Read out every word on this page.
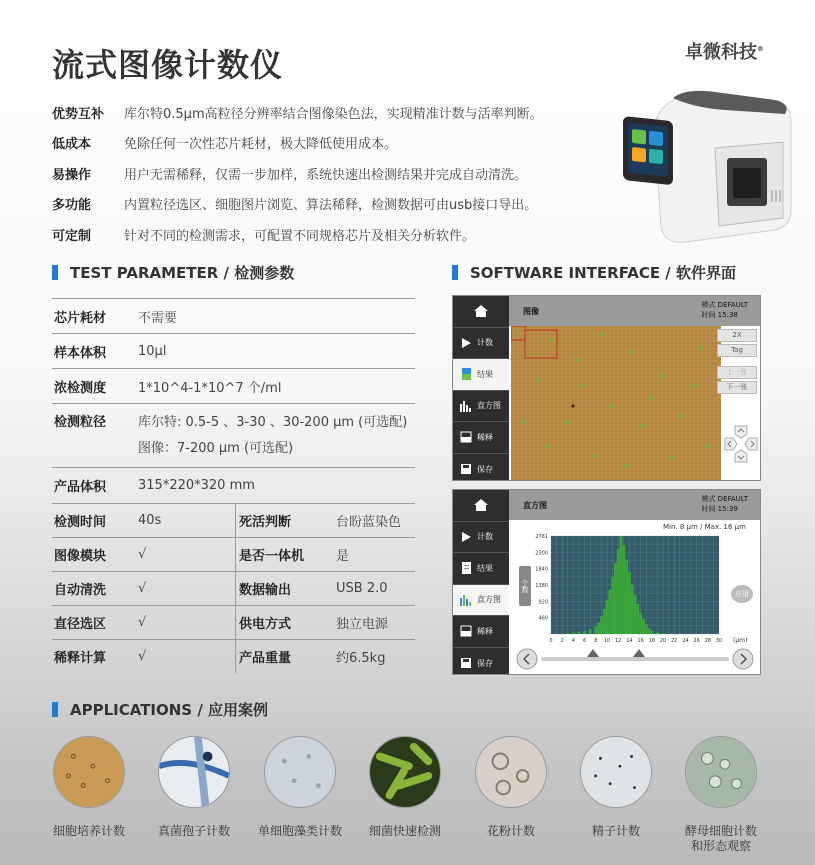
流式图像计数仪	卓微科技®
优势互补	库尔特0.5μm高粒径分辨率结合图像染色法，实现精准计数与活率判断。
低成本	免除任何一次性芯片耗材，极大降低使用成本。
易操作	用户无需稀释，仅需一步加样，系统快速出检测结果并完成自动清洗。
多功能	内置粒径选区、细胞图片浏览、算法稀释，检测数据可由usb接口导出。
可定制	针对不同的检测需求，可配置不同规格芯片及相关分析软件。
TEST PARAMETER / 检测参数
芯片耗材	不需要
样本体积	10μl
浓检测度	1*10^4-1*10^7 个/ml
检测粒径	库尔特: 0.5-5 、3-30 、30-200 μm (可选配)
图像：7-200 μm (可选配)
产品体积	315*220*320 mm
检测时间	40s	死活判断	台盼蓝染色
图像模块	√	是否一体机	是
自动清洗	√	数据输出	USB 2.0
直径选区	√	供电方式	独立电源
稀释计算	√	产品重量	约6.5kg
SOFTWARE INTERFACE / 软件界面
计数
结果
直方图
稀释
保存
图像
模式 DEFAULT
时间 15:38
2X
Tag
上一张
下一张
计数
结果
直方图
稀释
保存
直方图
模式 DEFAULT
时间 15:39
Min. 8 μm / Max. 16 μm
个数
应用
460
920
1380
1840
2300
2761
0 2 4 6 8 10 12 14 16 18 20 22 24 26 28 30 (μm)
APPLICATIONS / 应用案例
细胞培养计数	真菌孢子计数	单细胞藻类计数	细菌快速检测	花粉计数	精子计数	酵母细胞计数
和形态观察
